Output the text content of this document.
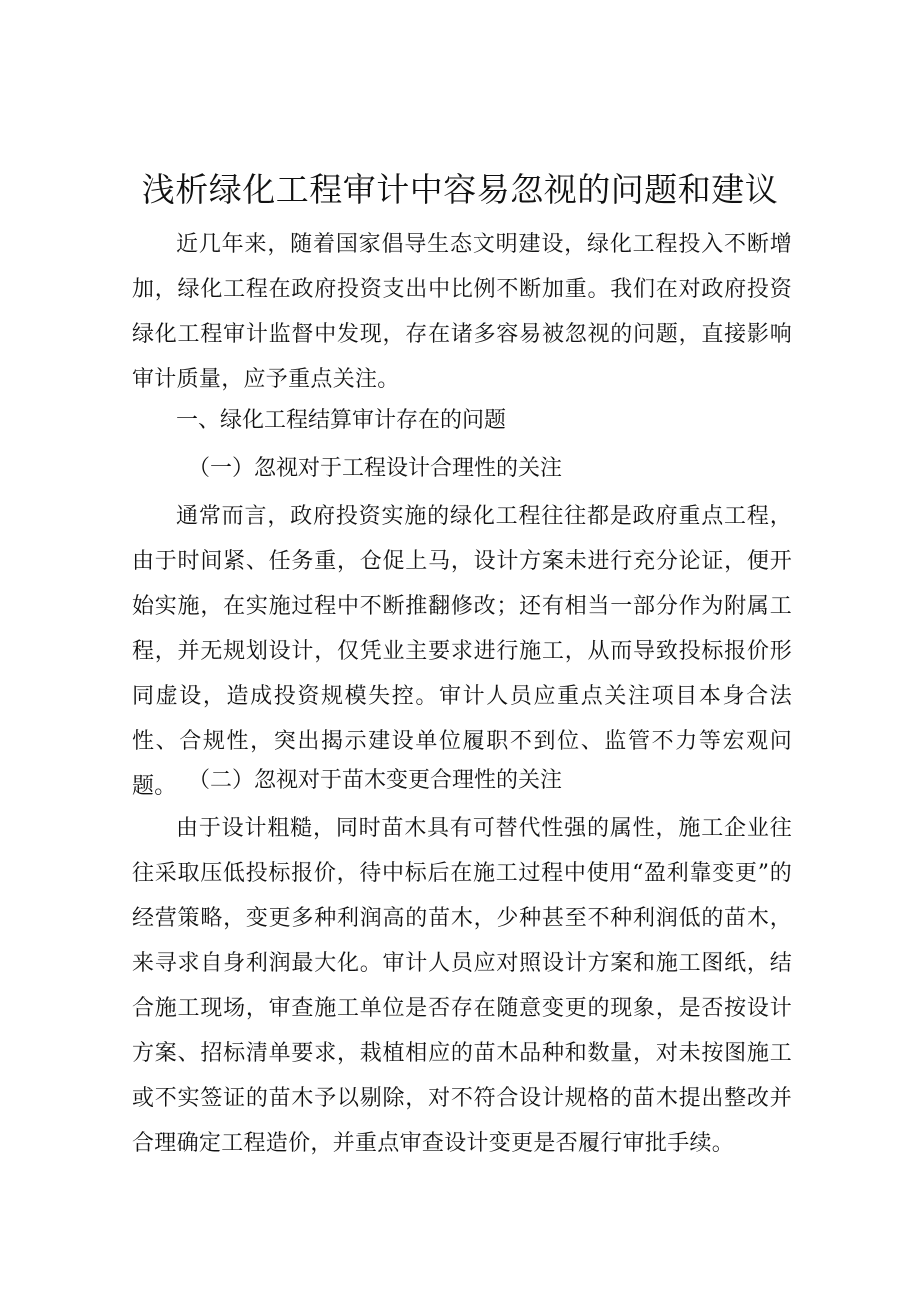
浅析绿化工程审计中容易忽视的问题和建议

近几年来，随着国家倡导生态文明建设，绿化工程投入不断增加，绿化工程在政府投资支出中比例不断加重。我们在对政府投资绿化工程审计监督中发现，存在诸多容易被忽视的问题，直接影响审计质量，应予重点关注。

一、绿化工程结算审计存在的问题

（一）忽视对于工程设计合理性的关注

通常而言，政府投资实施的绿化工程往往都是政府重点工程，由于时间紧、任务重，仓促上马，设计方案未进行充分论证，便开始实施，在实施过程中不断推翻修改；还有相当一部分作为附属工程，并无规划设计，仅凭业主要求进行施工，从而导致投标报价形同虚设，造成投资规模失控。审计人员应重点关注项目本身合法性、合规性，突出揭示建设单位履职不到位、监管不力等宏观问题。 （二）忽视对于苗木变更合理性的关注

由于设计粗糙，同时苗木具有可替代性强的属性，施工企业往往采取压低投标报价，待中标后在施工过程中使用“盈利靠变更”的经营策略，变更多种利润高的苗木，少种甚至不种利润低的苗木，来寻求自身利润最大化。审计人员应对照设计方案和施工图纸，结合施工现场，审查施工单位是否存在随意变更的现象，是否按设计方案、招标清单要求，栽植相应的苗木品种和数量，对未按图施工或不实签证的苗木予以剔除，对不符合设计规格的苗木提出整改并合理确定工程造价，并重点审查设计变更是否履行审批手续。
